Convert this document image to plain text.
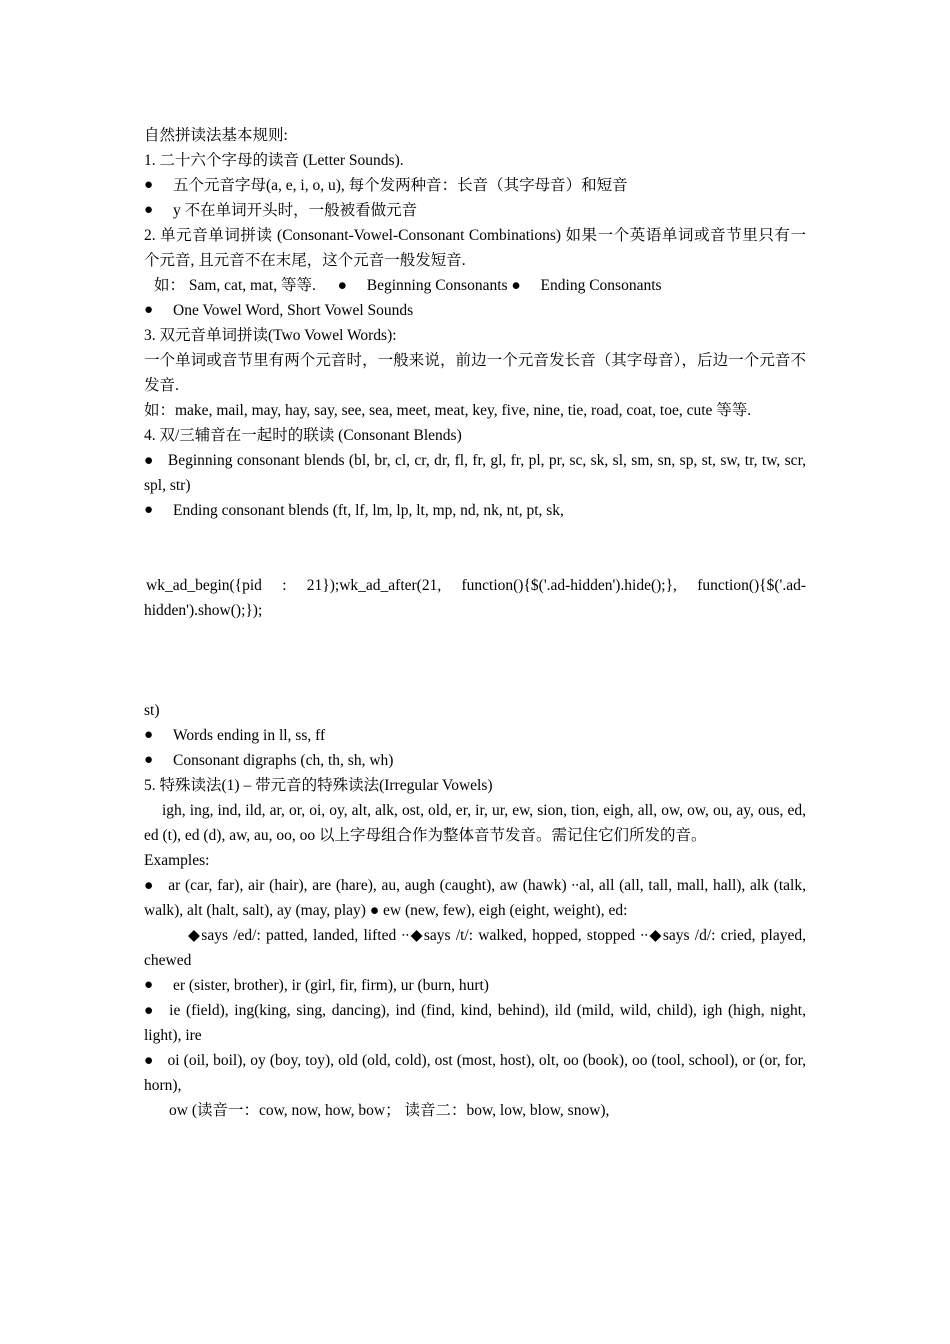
自然拼读法基本规则:
1. 二十六个字母的读音 (Letter Sounds).
● 五个元音字母(a, e, i, o, u), 每个发两种音：长音（其字母音）和短音
● y 不在单词开头时，一般被看做元音
2. 单元音单词拼读 (Consonant-Vowel-Consonant Combinations) 如果一个英语单词或音节里只有一个元音, 且元音不在末尾，这个元音一般发短音.
如： Sam, cat, mat, 等等. ● Beginning Consonants ● Ending Consonants
● One Vowel Word, Short Vowel Sounds
3. 双元音单词拼读(Two Vowel Words):
一个单词或音节里有两个元音时，一般来说，前边一个元音发长音（其字母音），后边一个元音不发音.
如：make, mail, may, hay, say, see, sea, meet, meat, key, five, nine, tie, road, coat, toe, cute 等等.
4. 双/三辅音在一起时的联读 (Consonant Blends)
● Beginning consonant blends (bl, br, cl, cr, dr, fl, fr, gl, fr, pl, pr, sc, sk, sl, sm, sn, sp, st, sw, tr, tw, scr, spl, str)
● Ending consonant blends (ft, lf, lm, lp, lt, mp, nd, nk, nt, pt, sk,
wk_ad_begin({pid : 21});wk_ad_after(21, function(){$('.ad-hidden').hide();}, function(){$('.ad-hidden').show();});
st)
● Words ending in ll, ss, ff
● Consonant digraphs (ch, th, sh, wh)
5. 特殊读法(1) – 带元音的特殊读法(Irregular Vowels)
igh, ing, ind, ild, ar, or, oi, oy, alt, alk, ost, old, er, ir, ur, ew, sion, tion, eigh, all, ow, ow, ou, ay, ous, ed, ed (t), ed (d), aw, au, oo, oo 以上字母组合作为整体音节发音。需记住它们所发的音。
Examples:
● ar (car, far), air (hair), are (hare), au, augh (caught), aw (hawk) ∙∙al, all (all, tall, mall, hall), alk (talk, walk), alt (halt, salt), ay (may, play) ● ew (new, few), eigh (eight, weight), ed:
◆says /ed/: patted, landed, lifted ∙∙◆says /t/: walked, hopped, stopped ∙∙◆says /d/: cried, played, chewed
● er (sister, brother), ir (girl, fir, firm), ur (burn, hurt)
● ie (field), ing(king, sing, dancing), ind (find, kind, behind), ild (mild, wild, child), igh (high, night, light), ire
● oi (oil, boil), oy (boy, toy), old (old, cold), ost (most, host), olt, oo (book), oo (tool, school), or (or, for, horn),
ow (读音一：cow, now, how, bow； 读音二：bow, low, blow, snow),
